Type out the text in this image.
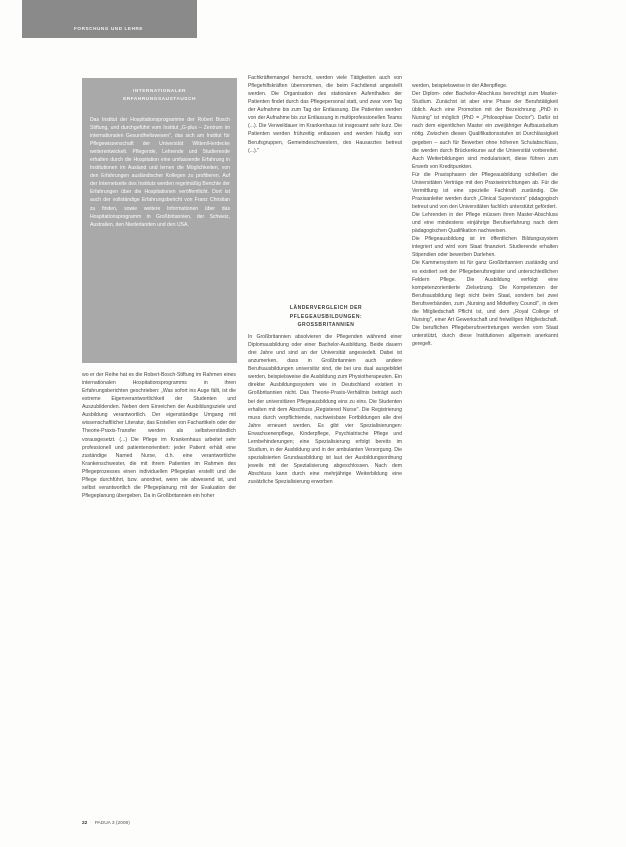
FORSCHUNG UND LEHRE
INTERNATIONALER
ERFAHRUNGSAUSTAUSCH
Das Institut der Hospitationsprogramme der Robert Bosch Stiftung, und durchgeführt vom Institut „G-plus – Zentrum im internationalen Gesundheitswesen", das sich am Institut für Pflegewissenschaft der Universität Witten/Herdecke weiterentwickelt. Pflegende, Lehrende und Studierende erhalten durch die Hospitation eine umfassende Erfahrung in Institutionen im Ausland und lernen die Möglichkeiten, von den Erfahrungen ausländischer Kollegen zu profitieren. Auf der Internetseite des Instituts werden regelmäßig Berichte der Erfahrungen über die Hospitationen veröffentlicht. Dort ist auch der vollständige Erfahrungsbericht von Franz Christian zu finden, sowie weitere Informationen über das Hospitationsprogramm in Großbritannien, der Schweiz, Australien, den Niederlanden und den USA.

wo er der Reihe hat es die Robert-Bosch-Stiftung im Rahmen eines internationalen Hospitationsprogramms in ihren Erfahrungsberichten geschrieben: „Was sofort ins Auge fällt, ist die extreme Eigenverantwortlichkeit der Studenten und Auszubildenden. Neben dem Einreichen der Ausbildungsziele und Ausbildung verantwortlich. Der eigenständige Umgang mit wissenschaftlicher Literatur, das Erstellen von Fachartikeln oder der Theorie-Praxis-Transfer werden als selbstverständlich vorausgesetzt. (...) Die Pflege im Krankenhaus arbeitet sehr professionell und patientenorientiert: jeder Patient erhält eine zuständige Named Nurse, d.h. eine verantwortliche Krankenschwester, die mit ihrem Patienten im Rahmen des Pflegeprozesses einen individuellen Pflegeplan erstellt und die Pflege durchführt, bzw. anordnet, wenn sie abwesend ist, und selbst verantwortlich die Pflegeplanung mit der Evaluation der Pflegeplanung übergeben. Da in Großbritannien ein hoher

Fachkräftemangel herrscht, werden viele Tätigkeiten auch von Pflegehilfskräften übernommen, die beim Fachdienst angestellt werden. Die Organisation des stationären Aufenthaltes der Patienten findet durch das Pflegepersonal statt, und zwar vom Tag der Aufnahme bis zum Tag der Entlassung. Die Patienten werden von der Aufnahme bis zur Entlassung in multiprofessionellen Teams (...). Die Verweildauer im Krankenhaus ist insgesamt sehr kurz. Die Patienten werden frühzeitig entlassen und werden häufig von Berufsgruppen, Gemeindeschwestern, des Hausarztes betreut (...)."

LÄNDERVERGLEICH DER
PFLEGEAUSBILDUNGEN:
GROSSBRITANNIEN

In Großbritannien absolvieren die Pflegenden während einer Diplomausbildung oder einer Bachelor-Ausbildung. Beide dauern drei Jahre und sind an der Universität angesiedelt. Dabei ist anzumerken, dass in Großbritannien auch andere Berufsausbildungen universitär sind, die bei uns dual ausgebildet werden, beispielsweise die Ausbildung zum Physiotherapeuten. Ein direkter Ausbildungssystem wie in Deutschland existiert in Großbritannien nicht. Das Theorie-Praxis-Verhältnis beträgt auch bei der universitären Pflegeausbildung eins zu eins. Die Studenten erhalten mit dem Abschluss „Registered Nurse". Die Registrierung muss durch verpflichtende, nachweisbare Fortbildungen alle drei Jahre erneuert werden. Es gibt vier Spezialisierungen: Erwachsenenpflege, Kinderpflege, Psychiatrische Pflege und Lernbehinderungen; eine Spezialisierung erfolgt bereits im Studium, in der Ausbildung und in der ambulanten Versorgung. Die spezialisierten Grundausbildung ist laut der Ausbildungsordnung jeweils mit der Spezialisierung abgeschlossen. Nach dem Abschluss kann durch eine mehrjährige Weiterbildung eine zusätzliche Spezialisierung erworben

werden, beispielsweise in der Altenpflege.
Der Diplom- oder Bachelor-Abschluss berechtigt zum Master-Studium. Zunächst ist aber eine Phase der Berufstätigkeit üblich. Auch eine Promotion mit der Bezeichnung „PhD in Nursing" ist möglich (PhD = „Philosophiae Doctor"). Dafür ist nach dem eigentlichen Master ein zweijähriger Aufbaustudium nötig. Zwischen diesen Qualifikationsstufen ist Durchlässigkeit gegeben – auch für Bewerber ohne höheren Schulabschluss, die werden durch Brückenkurse auf die Universität vorbereitet. Auch Weiterbildungen sind modularisiert, diese führen zum Erwerb von Kreditpunkten.
Für die Praxisphasen der Pflegeausbildung schließen die Universitäten Verträge mit den Praxiseinrichtungen ab. Für die Vermittlung ist eine spezielle Fachkraft zuständig. Die Praxisanleiter werden durch „Clinical Supervisors" pädagogisch betreut und von den Universitäten fachlich unterstützt gefördert.
Die Lehrenden in der Pflege müssen ihren Master-Abschluss und eine mindestens einjährige Berufserfahrung nach dem pädagogischen Qualifikation nachweisen.
Die Pflegeausbildung ist im öffentlichen Bildungssystem integriert und wird vom Staat finanziert. Studierende erhalten Stipendien oder bewerben Darlehen.
Die Kammersystem ist für ganz Großbritannien zuständig und es existiert seit der Pflegeberufsregister und unterschiedlichen Feldern Pflege. Die Ausbildung verfolgt eine kompetenzorientierte Zielsetzung. Die Kompetenzen der Berufsausbildung liegt nicht beim Staat, sondern bei zwei Berufsverbänden, zum „Nursing and Midwifery Council", in dem die Mitgliedschaft Pflicht ist, und dem „Royal College of Nursing", einer Art Gewerkschaft und freiwilligen Mitgliedschaft. Die beruflichen Pflegeberufsvertretungen werden vom Staat unterstützt, durch diese Institutionen allgemein anerkannt geregelt.

22 PADUA 3 (2008)
